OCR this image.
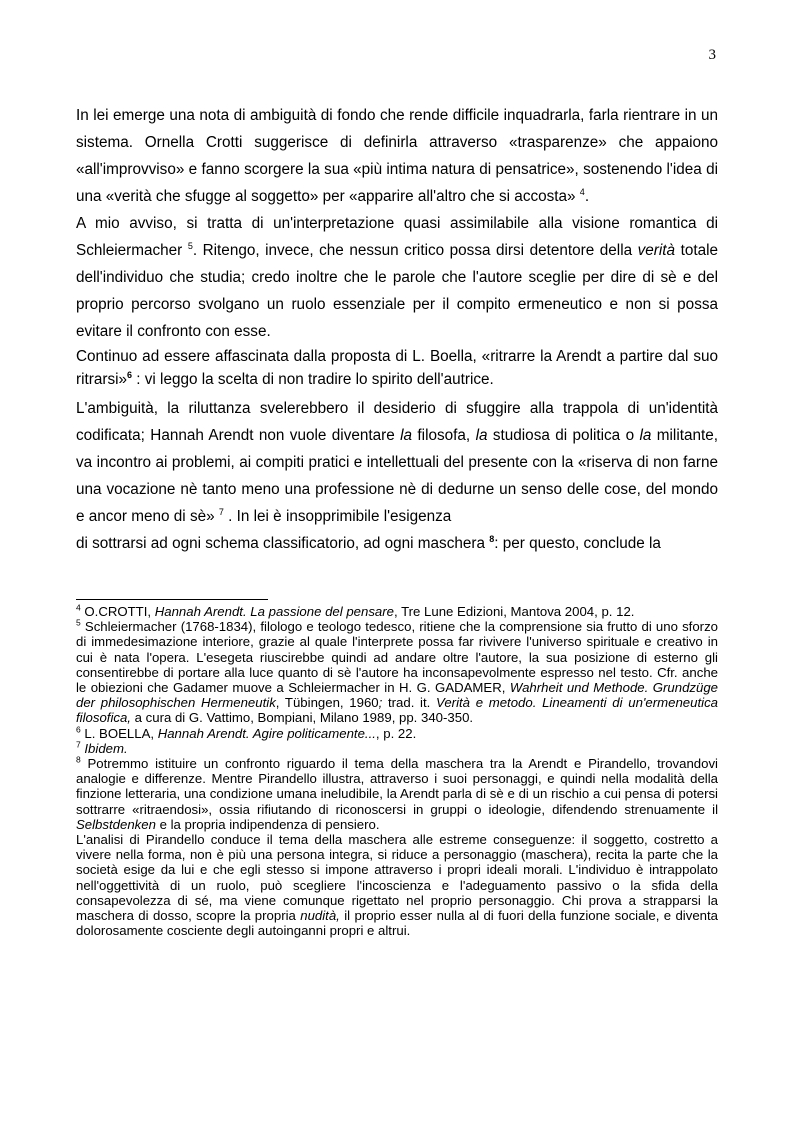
3

In lei emerge una nota di ambiguità di fondo che rende difficile inquadrarla, farla rientrare in un sistema. Ornella Crotti suggerisce di definirla attraverso «trasparenze» che appaiono «all'improvviso» e fanno scorgere la sua «più intima natura di pensatrice», sostenendo l'idea di una «verità che sfugge al soggetto» per «apparire all'altro che si accosta» $^4$.

A mio avviso, si tratta di un'interpretazione quasi assimilabile alla visione romantica di Schleiermacher $^5$. Ritengo, invece, che nessun critico possa dirsi detentore della verità totale dell'individuo che studia; credo inoltre che le parole che l'autore sceglie per dire di sè e del proprio percorso svolgano un ruolo essenziale per il compito ermeneutico e non si possa evitare il confronto con esse.

Continuo ad essere affascinata dalla proposta di L. Boella, «ritrarre la Arendt a partire dal suo ritrarsi»$^6$ : vi leggo la scelta di non tradire lo spirito dell'autrice.

L'ambiguità, la riluttanza svelerebbero il desiderio di sfuggire alla trappola di un'identità codificata; Hannah Arendt non vuole diventare la filosofa, la studiosa di politica o la militante, va incontro ai problemi, ai compiti pratici e intellettuali del presente con la «riserva di non farne una vocazione nè tanto meno una professione nè di dedurne un senso delle cose, del mondo e ancor meno di sè» $^7$ . In lei è insopprimibile l'esigenza

di sottrarsi ad ogni schema classificatorio, ad ogni maschera $^8$: per questo, conclude la

$^4$ O.CROTTI, Hannah Arendt. La passione del pensare, Tre Lune Edizioni, Mantova 2004, p. 12.

$^5$ Schleiermacher (1768-1834), filologo e teologo tedesco, ritiene che la comprensione sia frutto di uno sforzo di immedesimazione interiore, grazie al quale l'interprete possa far rivivere l'universo spirituale e creativo in cui è nata l'opera. L'esegeta riuscirebbe quindi ad andare oltre l'autore, la sua posizione di esterno gli consentirebbe di portare alla luce quanto di sè l'autore ha inconsapevolmente espresso nel testo. Cfr. anche le obiezioni che Gadamer muove a Schleiermacher in H. G. GADAMER, Wahrheit und Methode. Grundzüge der philosophischen Hermeneutik, Tübingen, 1960; trad. it. Verità e metodo. Lineamenti di un'ermeneutica filosofica, a cura di G. Vattimo, Bompiani, Milano 1989, pp. 340-350.

$^6$ L. BOELLA, Hannah Arendt. Agire politicamente..., p. 22.

$^7$ Ibidem.

$^8$ Potremmo istituire un confronto riguardo il tema della maschera tra la Arendt e Pirandello, trovandovi analogie e differenze. Mentre Pirandello illustra, attraverso i suoi personaggi, e quindi nella modalità della finzione letteraria, una condizione umana ineludibile, la Arendt parla di sè e di un rischio a cui pensa di potersi sottrarre «ritraendosi», ossia rifiutando di riconoscersi in gruppi o ideologie, difendendo strenuamente il Selbstdenken e la propria indipendenza di pensiero.

L'analisi di Pirandello conduce il tema della maschera alle estreme conseguenze: il soggetto, costretto a vivere nella forma, non è più una persona integra, si riduce a personaggio (maschera), recita la parte che la società esige da lui e che egli stesso si impone attraverso i propri ideali morali. L'individuo è intrappolato nell'oggettività di un ruolo, può scegliere l'incoscienza e l'adeguamento passivo o la sfida della consapevolezza di sé, ma viene comunque rigettato nel proprio personaggio. Chi prova a strapparsi la maschera di dosso, scopre la propria nudità, il proprio esser nulla al di fuori della funzione sociale, e diventa dolorosamente cosciente degli autoinganni propri e altrui.
